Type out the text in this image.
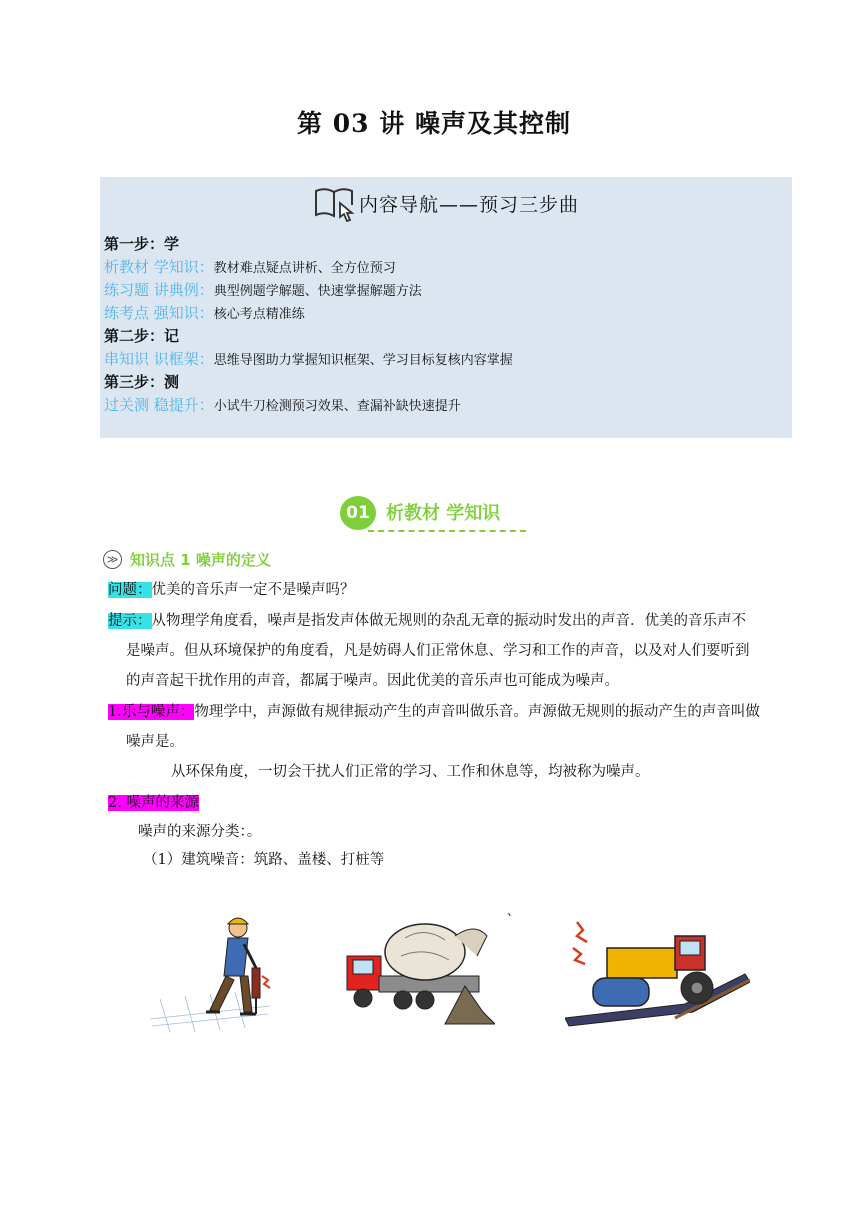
第 03 讲 噪声及其控制
内容导航——预习三步曲
第一步：学
析教材 学知识：教材难点疑点讲析、全方位预习
练习题 讲典例：典型例题学解题、快速掌握解题方法
练考点 强知识：核心考点精准练
第二步：记
串知识 识框架：思维导图助力掌握知识框架、学习目标复核内容掌握
第三步：测
过关测 稳提升：小试牛刀检测预习效果、查漏补缺快速提升
01 析教材 学知识
≫ 知识点 1 噪声的定义
问题：优美的音乐声一定不是噪声吗？
提示：从物理学角度看，噪声是指发声体做无规则的杂乱无章的振动时发出的声音．优美的音乐声不
是噪声。但从环境保护的角度看，凡是妨碍人们正常休息、学习和工作的声音，以及对人们要听到
的声音起干扰作用的声音，都属于噪声。因此优美的音乐声也可能成为噪声。
1.乐与噪声：物理学中，声源做有规律振动产生的声音叫做乐音。声源做无规则的振动产生的声音叫做
噪声是。
从环保角度，一切会干扰人们正常的学习、工作和休息等，均被称为噪声。
2. 噪声的来源
噪声的来源分类：。
（1）建筑噪音：筑路、盖楼、打桩等
、
